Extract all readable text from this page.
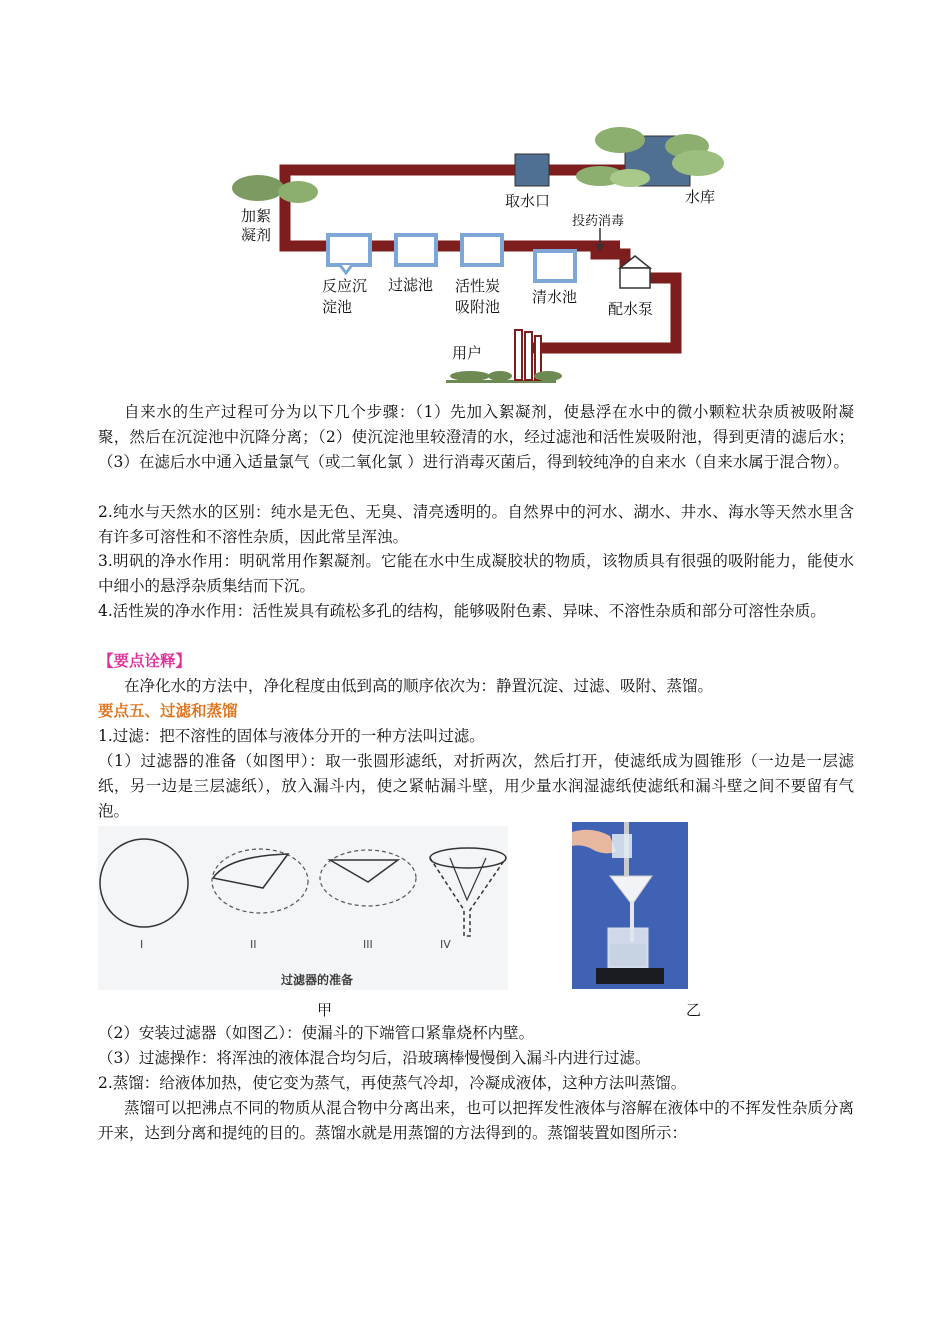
取水口	水库
加絮
凝剂
投药消毒
反应沉
淀池
过滤池 活性炭
吸附池
清水池
配水泵
用户
自来水的生产过程可分为以下几个步骤：（1）先加入絮凝剂，使悬浮在水中的微小颗粒状杂质被吸附凝聚，然后在沉淀池中沉降分离；（2）使沉淀池里较澄清的水，经过滤池和活性炭吸附池，得到更清的滤后水；（3）在滤后水中通入适量氯气（或二氧化氯 ）进行消毒灭菌后，得到较纯净的自来水（自来水属于混合物）。
2.纯水与天然水的区别：纯水是无色、无臭、清亮透明的。自然界中的河水、湖水、井水、海水等天然水里含有许多可溶性和不溶性杂质，因此常呈浑浊。
3.明矾的净水作用：明矾常用作絮凝剂。它能在水中生成凝胶状的物质，该物质具有很强的吸附能力，能使水中细小的悬浮杂质集结而下沉。
4.活性炭的净水作用：活性炭具有疏松多孔的结构，能够吸附色素、异味、不溶性杂质和部分可溶性杂质。
【要点诠释】
在净化水的方法中，净化程度由低到高的顺序依次为：静置沉淀、过滤、吸附、蒸馏。
要点五、过滤和蒸馏
1.过滤：把不溶性的固体与液体分开的一种方法叫过滤。
（1）过滤器的准备（如图甲）：取一张圆形滤纸，对折两次，然后打开，使滤纸成为圆锥形（一边是一层滤纸，另一边是三层滤纸），放入漏斗内，使之紧帖漏斗壁，用少量水润湿滤纸使滤纸和漏斗壁之间不要留有气泡。
I	II	III	IV
过滤器的准备
甲	乙
（2）安装过滤器（如图乙）：使漏斗的下端管口紧靠烧杯内壁。
（3）过滤操作：将浑浊的液体混合均匀后，沿玻璃棒慢慢倒入漏斗内进行过滤。
2.蒸馏：给液体加热，使它变为蒸气，再使蒸气冷却，冷凝成液体，这种方法叫蒸馏。
蒸馏可以把沸点不同的物质从混合物中分离出来，也可以把挥发性液体与溶解在液体中的不挥发性杂质分离开来，达到分离和提纯的目的。蒸馏水就是用蒸馏的方法得到的。蒸馏装置如图所示：
